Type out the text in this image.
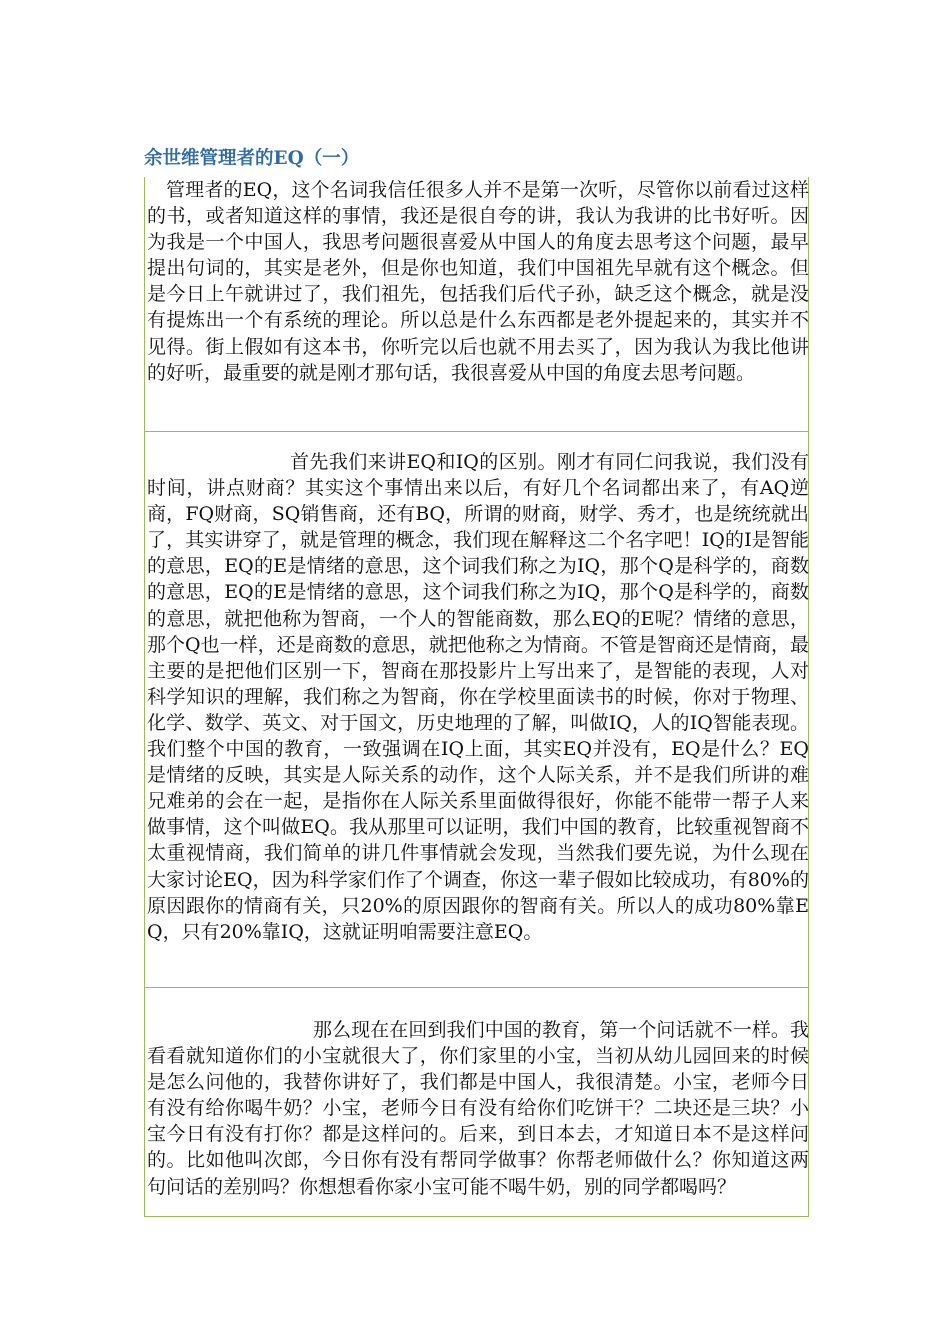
余世维管理者的EQ（一）

管理者的EQ，这个名词我信任很多人并不是第一次听，尽管你以前看过这样的书，或者知道这样的事情，我还是很自夸的讲，我认为我讲的比书好听。因为我是一个中国人，我思考问题很喜爱从中国人的角度去思考这个问题，最早提出句词的，其实是老外，但是你也知道，我们中国祖先早就有这个概念。但是今日上午就讲过了，我们祖先，包括我们后代子孙，缺乏这个概念，就是没有提炼出一个有系统的理论。所以总是什么东西都是老外提起来的，其实并不见得。街上假如有这本书，你听完以后也就不用去买了，因为我认为我比他讲的好听，最重要的就是刚才那句话，我很喜爱从中国的角度去思考问题。

首先我们来讲EQ和IQ的区别。刚才有同仁问我说，我们没有时间，讲点财商？其实这个事情出来以后，有好几个名词都出来了，有AQ逆商，FQ财商，SQ销售商，还有BQ，所谓的财商，财学、秀才，也是统统就出了，其实讲穿了，就是管理的概念，我们现在解释这二个名字吧！IQ的I是智能的意思，EQ的E是情绪的意思，这个词我们称之为IQ，那个Q是科学的，商数的意思，EQ的E是情绪的意思，这个词我们称之为IQ，那个Q是科学的，商数的意思，就把他称为智商，一个人的智能商数，那么EQ的E呢？情绪的意思，那个Q也一样，还是商数的意思，就把他称之为情商。不管是智商还是情商，最主要的是把他们区别一下，智商在那投影片上写出来了，是智能的表现，人对科学知识的理解，我们称之为智商，你在学校里面读书的时候，你对于物理、化学、数学、英文、对于国文，历史地理的了解，叫做IQ，人的IQ智能表现。我们整个中国的教育，一致强调在IQ上面，其实EQ并没有，EQ是什么？EQ是情绪的反映，其实是人际关系的动作，这个人际关系，并不是我们所讲的难兄难弟的会在一起，是指你在人际关系里面做得很好，你能不能带一帮子人来做事情，这个叫做EQ。我从那里可以证明，我们中国的教育，比较重视智商不太重视情商，我们简单的讲几件事情就会发现，当然我们要先说，为什么现在大家讨论EQ，因为科学家们作了个调查，你这一辈子假如比较成功，有80%的原因跟你的情商有关，只20%的原因跟你的智商有关。所以人的成功80%靠EQ，只有20%靠IQ，这就证明咱需要注意EQ。

那么现在在回到我们中国的教育，第一个问话就不一样。我看看就知道你们的小宝就很大了，你们家里的小宝，当初从幼儿园回来的时候是怎么问他的，我替你讲好了，我们都是中国人，我很清楚。小宝，老师今日有没有给你喝牛奶？小宝，老师今日有没有给你们吃饼干？二块还是三块？小宝今日有没有打你？都是这样问的。后来，到日本去，才知道日本不是这样问的。比如他叫次郎，今日你有没有帮同学做事？你帮老师做什么？你知道这两句问话的差别吗？你想想看你家小宝可能不喝牛奶，别的同学都喝吗？
